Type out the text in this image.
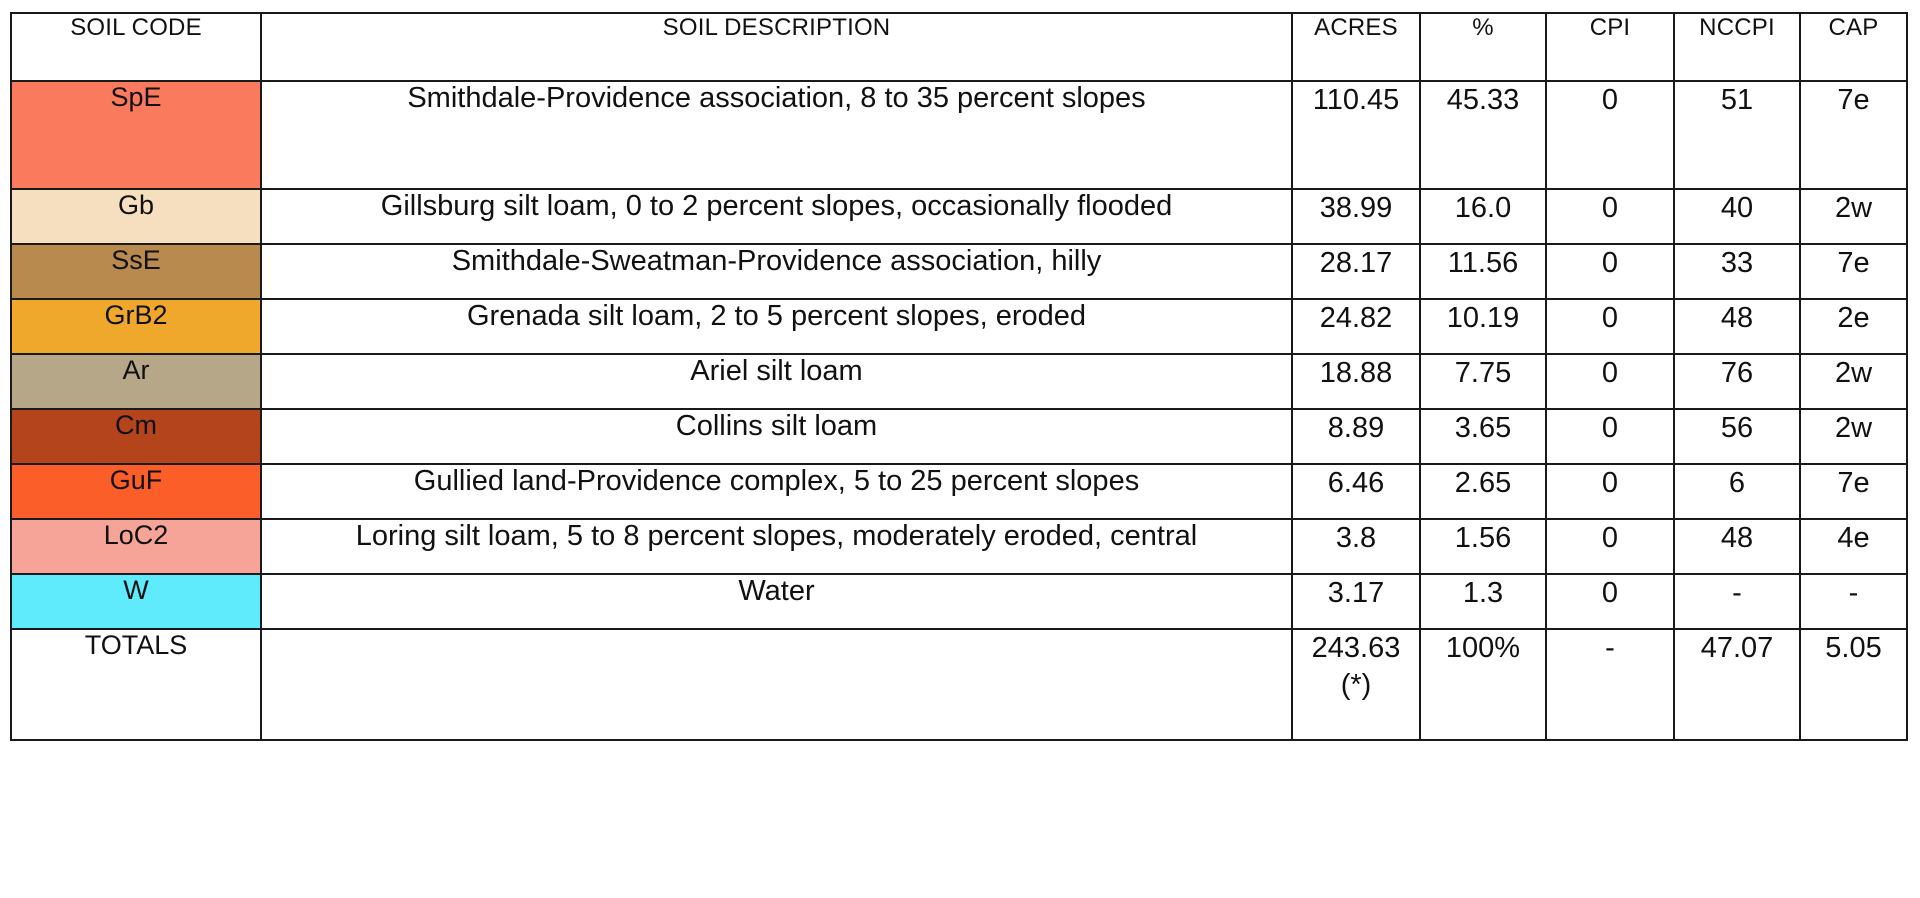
SOIL CODE	SOIL DESCRIPTION	ACRES	%	CPI	NCCPI	CAP
SpE	Smithdale-Providence association, 8 to 35 percent slopes	110.45	45.33	0	51	7e
Gb	Gillsburg silt loam, 0 to 2 percent slopes, occasionally flooded	38.99	16.0	0	40	2w
SsE	Smithdale-Sweatman-Providence association, hilly	28.17	11.56	0	33	7e
GrB2	Grenada silt loam, 2 to 5 percent slopes, eroded	24.82	10.19	0	48	2e
Ar	Ariel silt loam	18.88	7.75	0	76	2w
Cm	Collins silt loam	8.89	3.65	0	56	2w
GuF	Gullied land-Providence complex, 5 to 25 percent slopes	6.46	2.65	0	6	7e
LoC2	Loring silt loam, 5 to 8 percent slopes, moderately eroded, central	3.8	1.56	0	48	4e
W	Water	3.17	1.3	0	-	-
TOTALS		243.63(*)	100%	-	47.07	5.05
